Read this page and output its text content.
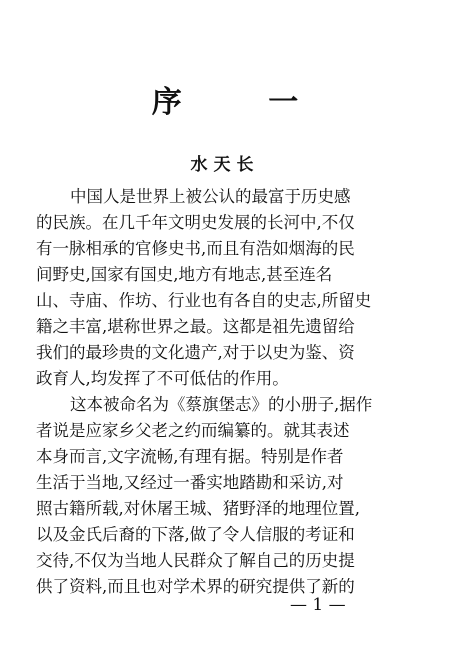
序 一
水天长
中国人是世界上被公认的最富于历史感
的民族。在几千年文明史发展的长河中,不仅
有一脉相承的官修史书,而且有浩如烟海的民
间野史,国家有国史,地方有地志,甚至连名
山、寺庙、作坊、行业也有各自的史志,所留史
籍之丰富,堪称世界之最。这都是祖先遗留给
我们的最珍贵的文化遗产,对于以史为鉴、资
政育人,均发挥了不可低估的作用。
这本被命名为《蔡旗堡志》的小册子,据作
者说是应家乡父老之约而编纂的。就其表述
本身而言,文字流畅,有理有据。特别是作者
生活于当地,又经过一番实地踏勘和采访,对
照古籍所载,对休屠王城、猪野泽的地理位置,
以及金氏后裔的下落,做了令人信服的考证和
交待,不仅为当地人民群众了解自己的历史提
供了资料,而且也对学术界的研究提供了新的
— 1 —
